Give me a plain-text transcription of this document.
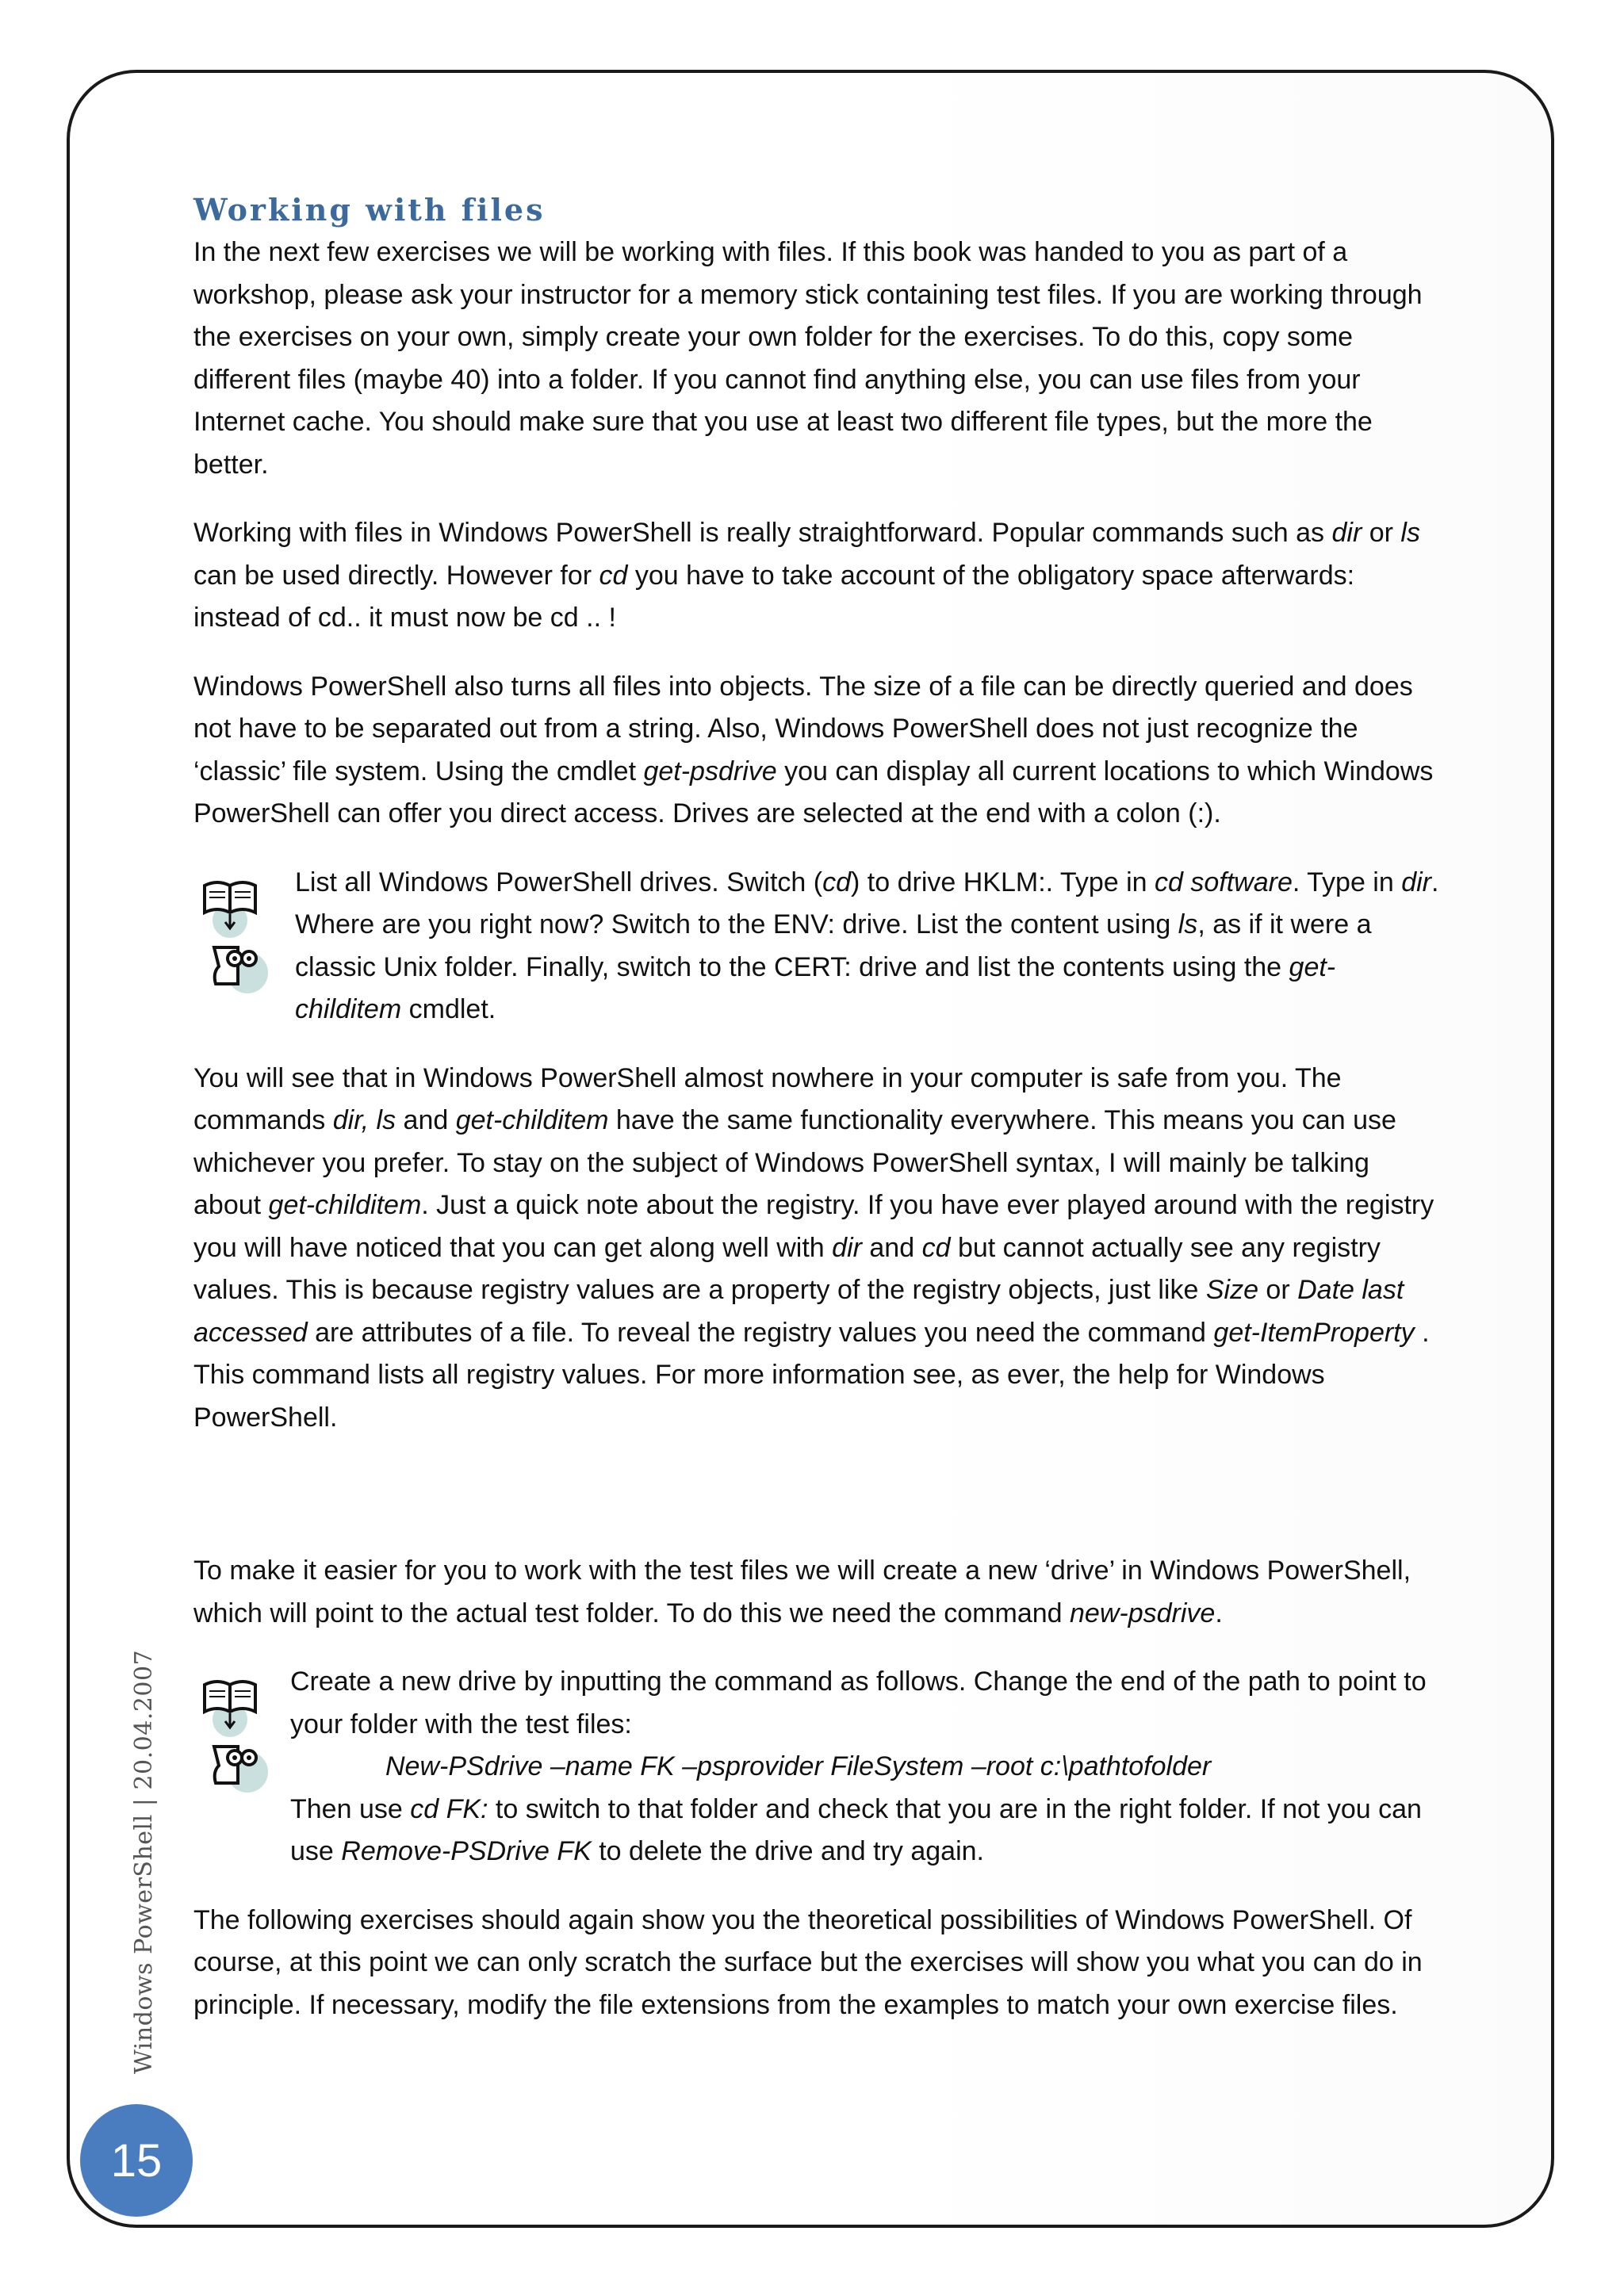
Working with files

In the next few exercises we will be working with files. If this book was handed to you as part of a workshop, please ask your instructor for a memory stick containing test files. If you are working through the exercises on your own, simply create your own folder for the exercises. To do this, copy some different files (maybe 40) into a folder. If you cannot find anything else, you can use files from your Internet cache. You should make sure that you use at least two different file types, but the more the better.

Working with files in Windows PowerShell is really straightforward. Popular commands such as dir or ls can be used directly. However for cd you have to take account of the obligatory space afterwards: instead of cd.. it must now be cd .. !

Windows PowerShell also turns all files into objects. The size of a file can be directly queried and does not have to be separated out from a string. Also, Windows PowerShell does not just recognize the ‘classic’ file system. Using the cmdlet get-psdrive you can display all current locations to which Windows PowerShell can offer you direct access. Drives are selected at the end with a colon (:).

List all Windows PowerShell drives. Switch (cd) to drive HKLM:. Type in cd software. Type in dir. Where are you right now? Switch to the ENV: drive. List the content using ls, as if it were a classic Unix folder. Finally, switch to the CERT: drive and list the contents using the get-childitem cmdlet.

You will see that in Windows PowerShell almost nowhere in your computer is safe from you. The commands dir, ls and get-childitem have the same functionality everywhere. This means you can use whichever you prefer. To stay on the subject of Windows PowerShell syntax, I will mainly be talking about get-childitem. Just a quick note about the registry. If you have ever played around with the registry you will have noticed that you can get along well with dir and cd but cannot actually see any registry values. This is because registry values are a property of the registry objects, just like Size or Date last accessed are attributes of a file. To reveal the registry values you need the command get-ItemProperty . This command lists all registry values. For more information see, as ever, the help for Windows PowerShell.

To make it easier for you to work with the test files we will create a new ‘drive’ in Windows PowerShell, which will point to the actual test folder. To do this we need the command new-psdrive.

Create a new drive by inputting the command as follows. Change the end of the path to point to your folder with the test files:
New-PSdrive –name FK –psprovider FileSystem –root c:\pathtofolder
Then use cd FK: to switch to that folder and check that you are in the right folder. If not you can use Remove-PSDrive FK to delete the drive and try again.

The following exercises should again show you the theoretical possibilities of Windows PowerShell. Of course, at this point we can only scratch the surface but the exercises will show you what you can do in principle. If necessary, modify the file extensions from the examples to match your own exercise files.

Windows PowerShell | 20.04.2007
15
